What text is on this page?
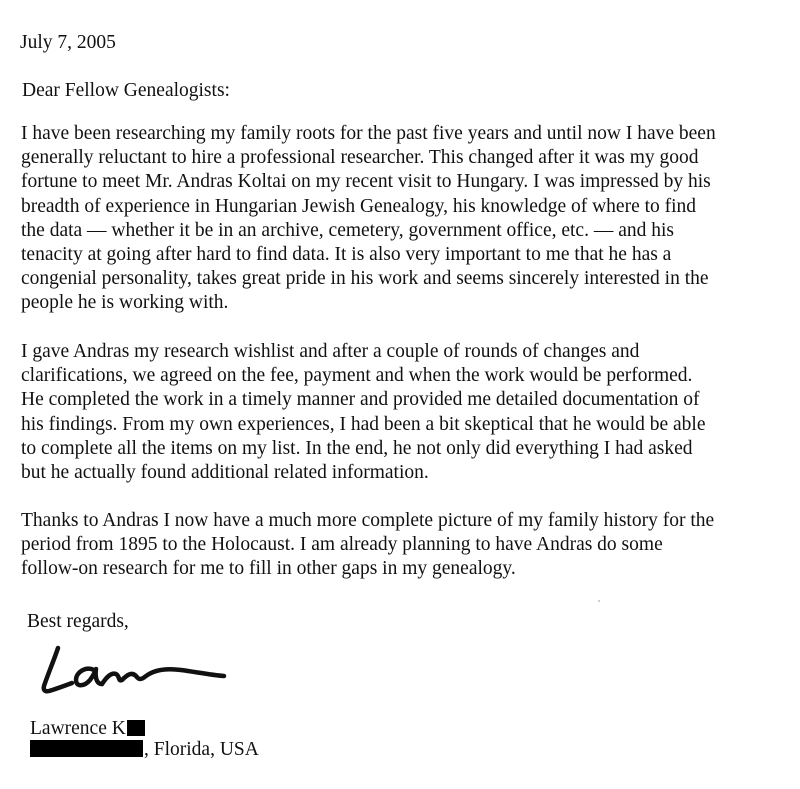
July 7, 2005
Dear Fellow Genealogists:
I have been researching my family roots for the past five years and until now I have been
generally reluctant to hire a professional researcher. This changed after it was my good
fortune to meet Mr. Andras Koltai on my recent visit to Hungary. I was impressed by his
breadth of experience in Hungarian Jewish Genealogy, his knowledge of where to find
the data — whether it be in an archive, cemetery, government office, etc. — and his
tenacity at going after hard to find data. It is also very important to me that he has a
congenial personality, takes great pride in his work and seems sincerely interested in the
people he is working with.
I gave Andras my research wishlist and after a couple of rounds of changes and
clarifications, we agreed on the fee, payment and when the work would be performed.
He completed the work in a timely manner and provided me detailed documentation of
his findings. From my own experiences, I had been a bit skeptical that he would be able
to complete all the items on my list. In the end, he not only did everything I had asked
but he actually found additional related information.
Thanks to Andras I now have a much more complete picture of my family history for the
period from 1895 to the Holocaust. I am already planning to have Andras do some
follow-on research for me to fill in other gaps in my genealogy.
Best regards,
Lawrence K
, Florida, USA
